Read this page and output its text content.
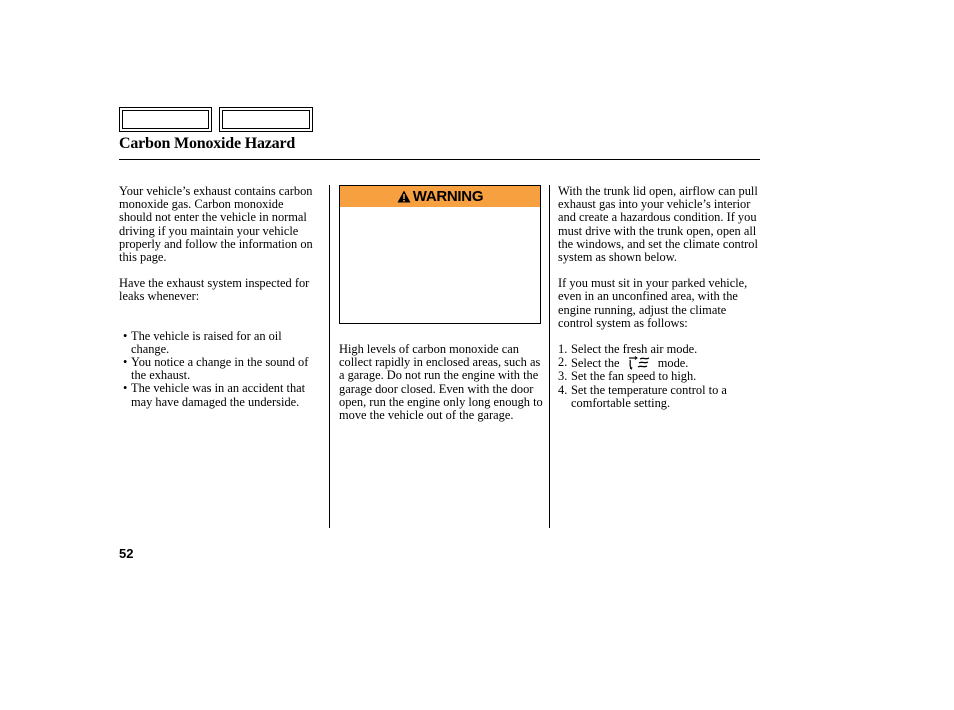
Carbon Monoxide Hazard

Your vehicle’s exhaust contains carbon monoxide gas. Carbon monoxide should not enter the vehicle in normal driving if you maintain your vehicle properly and follow the information on this page.

Have the exhaust system inspected for leaks whenever:

• The vehicle is raised for an oil change.
• You notice a change in the sound of the exhaust.
• The vehicle was in an accident that may have damaged the underside.
WARNING

High levels of carbon monoxide can collect rapidly in enclosed areas, such as a garage. Do not run the engine with the garage door closed. Even with the door open, run the engine only long enough to move the vehicle out of the garage.

With the trunk lid open, airflow can pull exhaust gas into your vehicle’s interior and create a hazardous condition. If you must drive with the trunk open, open all the windows, and set the climate control system as shown below.

If you must sit in your parked vehicle, even in an unconfined area, with the engine running, adjust the climate control system as follows:

1. Select the fresh air mode.
2. Select the	mode.
3. Set the fan speed to high.
4. Set the temperature control to a comfortable setting.
52
